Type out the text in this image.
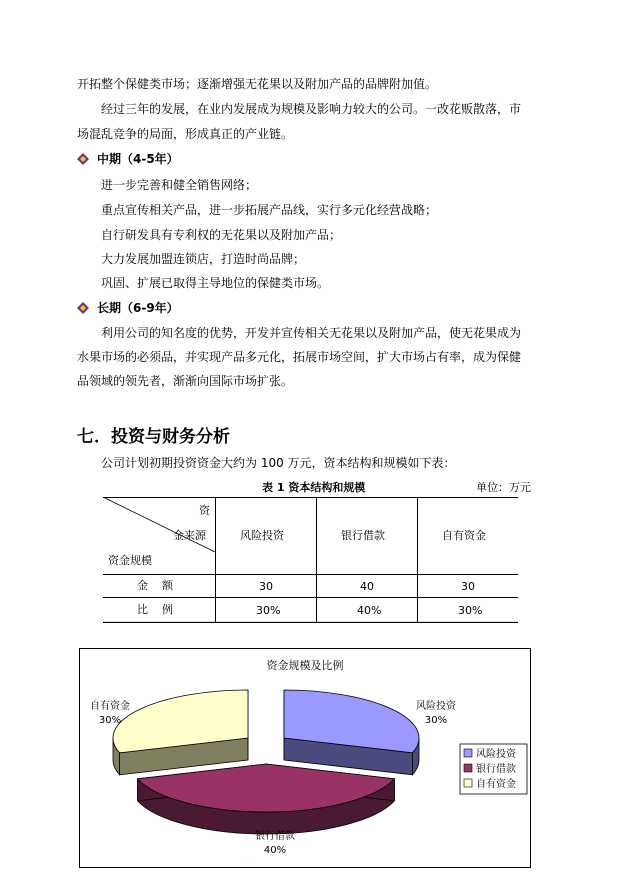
开拓整个保健类市场；逐渐增强无花果以及附加产品的品牌附加值。
经过三年的发展，在业内发展成为规模及影响力较大的公司。一改花贩散落，市
场混乱竞争的局面，形成真正的产业链。
中期（4-5年）
进一步完善和健全销售网络；
重点宣传相关产品，进一步拓展产品线，实行多元化经营战略；
自行研发具有专利权的无花果以及附加产品；
大力发展加盟连锁店，打造时尚品牌；
巩固、扩展已取得主导地位的保健类市场。
长期（6-9年）
利用公司的知名度的优势，开发并宣传相关无花果以及附加产品，使无花果成为
水果市场的必须品，并实现产品多元化，拓展市场空间，扩大市场占有率，成为保健
品领域的领先者，渐渐向国际市场扩张。
七．投资与财务分析
公司计划初期投资资金大约为 100 万元，资本结构和规模如下表：
表 1 资本结构和规模	单位：万元
资
金来源
资金规模
风险投资	银行借款	自有资金
金    额	30	40	30
比    例	30%	40%	30%
资金规模及比例
风险投资
30%
银行借款
40%
自有资金
30%
风险投资
银行借款
自有资金
